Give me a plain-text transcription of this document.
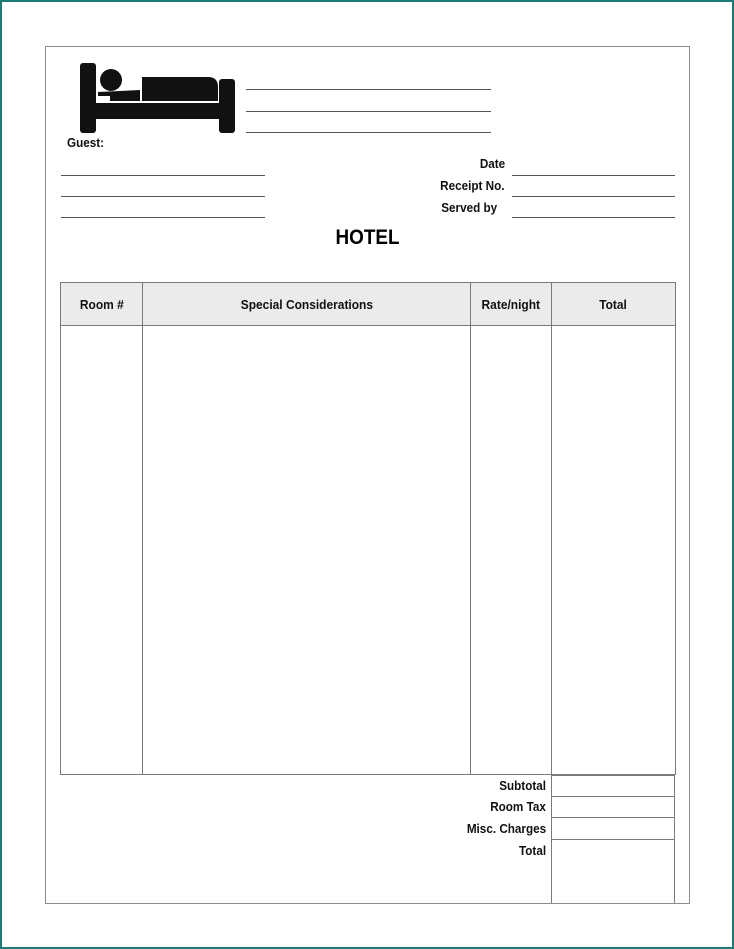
Guest:
Date
Receipt No.
Served by
HOTEL
Room #	Special Considerations	Rate/night	Total

Subtotal
Room Tax
Misc. Charges
Total
